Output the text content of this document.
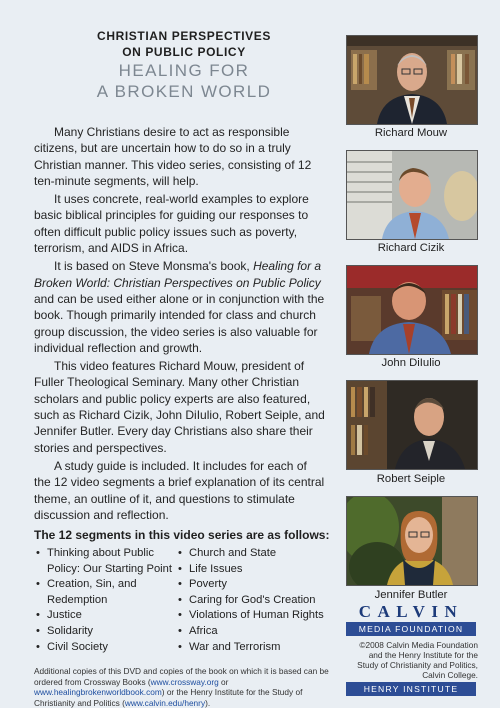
CHRISTIAN PERSPECTIVES
ON PUBLIC POLICY
HEALING FOR
A BROKEN WORLD

Many Christians desire to act as responsible citizens, but are uncertain how to do so in a truly Christian manner. This video series, consisting of 12 ten-minute segments, will help.

It uses concrete, real-world examples to explore basic biblical principles for guiding our responses to often difficult public policy issues such as poverty, terrorism, and AIDS in Africa.

It is based on Steve Monsma's book, Healing for a Broken World: Christian Perspectives on Public Policy and can be used either alone or in conjunction with the book. Though primarily intended for class and church group discussion, the video series is also valuable for individual reflection and growth.

This video features Richard Mouw, president of Fuller Theological Seminary. Many other Christian scholars and public policy experts are also featured, such as Richard Cizik, John DiIulio, Robert Seiple, and Jennifer Butler. Every day Christians also share their stories and perspectives.

A study guide is included. It includes for each of the 12 video segments a brief explanation of its central theme, an outline of it, and questions to stimulate discussion and reflection.

The 12 segments in this video series are as follows:
• Thinking about Public Policy: Our Starting Point
• Creation, Sin, and Redemption
• Justice
• Solidarity
• Civil Society
• Church and State
• Life Issues
• Poverty
• Caring for God's Creation
• Violations of Human Rights
• Africa
• War and Terrorism
Additional copies of this DVD and copies of the book on which it is based can be ordered from Crossway Books (www.crossway.org or www.healingbrokenworldbook.com) or the Henry Institute for the Study of Christianity and Politics (www.calvin.edu/henry).
Richard Mouw
Richard Cizik
John DiIulio
Robert Seiple
Jennifer Butler
CALVIN
MEDIA FOUNDATION
©2008 Calvin Media Foundation and the Henry Institute for the Study of Christianity and Politics, Calvin College.
HENRY INSTITUTE
